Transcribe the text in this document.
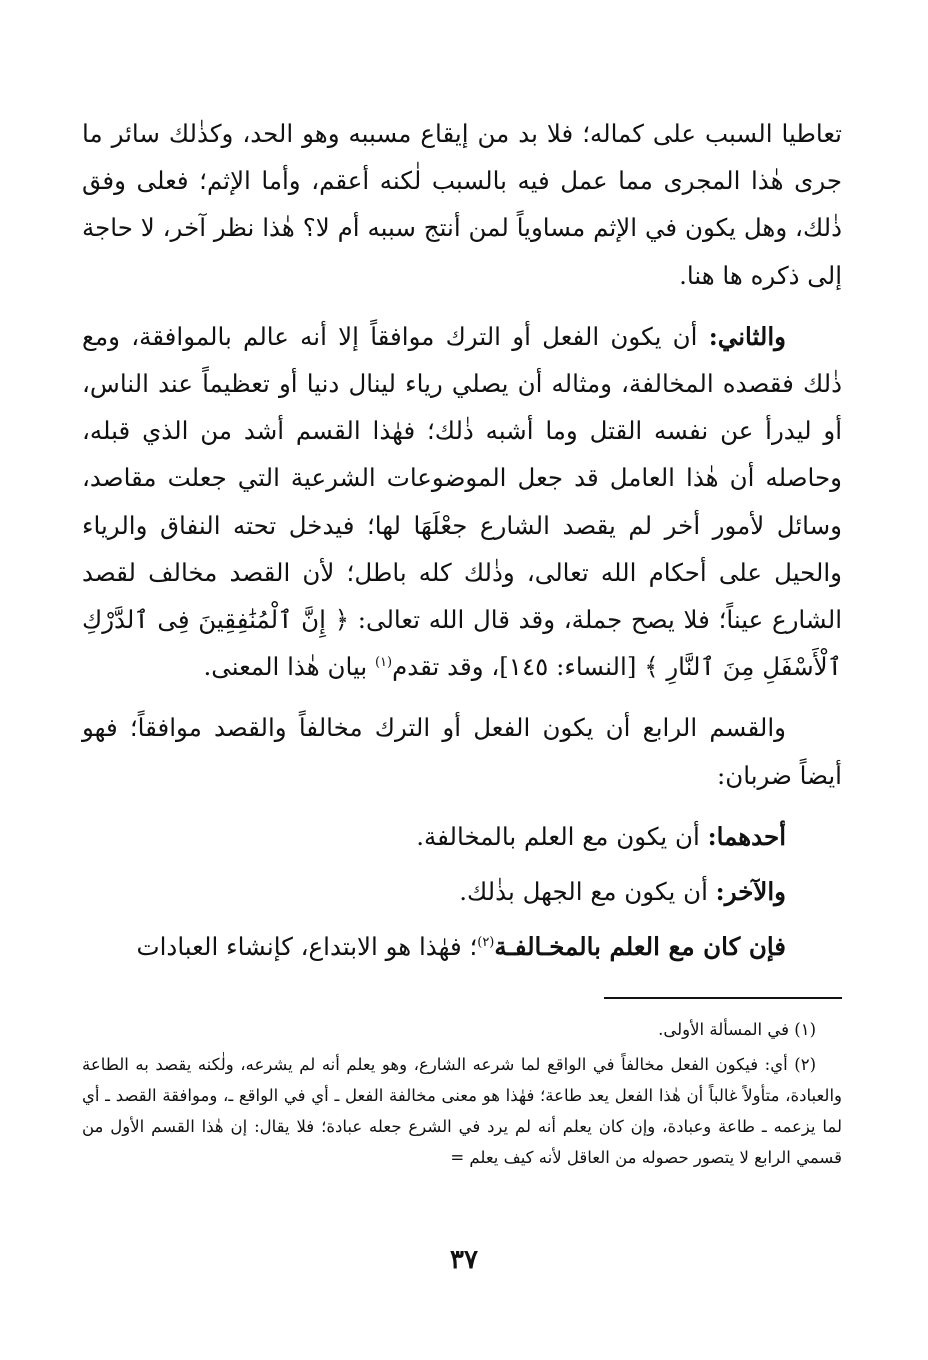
تعاطيا السبب على كماله؛ فلا بد من إيقاع مسببه وهو الحد، وكذٰلك سائر ما جرى هٰذا المجرى مما عمل فيه بالسبب لٰكنه أعقم، وأما الإثم؛ فعلى وفق ذٰلك، وهل يكون في الإثم مساوياً لمن أنتج سببه أم لا؟ هٰذا نظر آخر، لا حاجة إلى ذكره ها هنا.

والثاني: أن يكون الفعل أو الترك موافقاً إلا أنه عالم بالموافقة، ومع ذٰلك فقصده المخالفة، ومثاله أن يصلي رياء لينال دنيا أو تعظيماً عند الناس، أو ليدرأ عن نفسه القتل وما أشبه ذٰلك؛ فهٰذا القسم أشد من الذي قبله، وحاصله أن هٰذا العامل قد جعل الموضوعات الشرعية التي جعلت مقاصد، وسائل لأمور أخر لم يقصد الشارع جعْلَهَا لها؛ فيدخل تحته النفاق والرياء والحيل على أحكام الله تعالى، وذٰلك كله باطل؛ لأن القصد مخالف لقصد الشارع عيناً؛ فلا يصح جملة، وقد قال الله تعالى: ﴿ إِنَّ ٱلْمُنَٰفِقِينَ فِى ٱلدَّرْكِ ٱلْأَسْفَلِ مِنَ ٱلنَّارِ ﴾ [النساء: ١٤٥]، وقد تقدم$^{(١)}$ بيان هٰذا المعنى.

والقسم الرابع أن يكون الفعل أو الترك مخالفاً والقصد موافقاً؛ فهو أيضاً ضربان:

أحدهما: أن يكون مع العلم بالمخالفة.

والآخر: أن يكون مع الجهل بذٰلك.

فإن كان مع العلم بالمخـالفـة$^{(٢)}$؛ فهٰذا هو الابتداع، كإنشاء العبادات

(١) في المسألة الأولى.

(٢) أي: فيكون الفعل مخالفاً في الواقع لما شرعه الشارع، وهو يعلم أنه لم يشرعه، ولٰكنه يقصد به الطاعة والعبادة، متأولاً غالباً أن هٰذا الفعل يعد طاعة؛ فهٰذا هو معنى مخالفة الفعل ـ أي في الواقع ـ، وموافقة القصد ـ أي لما يزعمه ـ طاعة وعبادة، وإن كان يعلم أنه لم يرد في الشرع جعله عبادة؛ فلا يقال: إن هٰذا القسم الأول من قسمي الرابع لا يتصور حصوله من العاقل لأنه كيف يعلم =

٣٧
